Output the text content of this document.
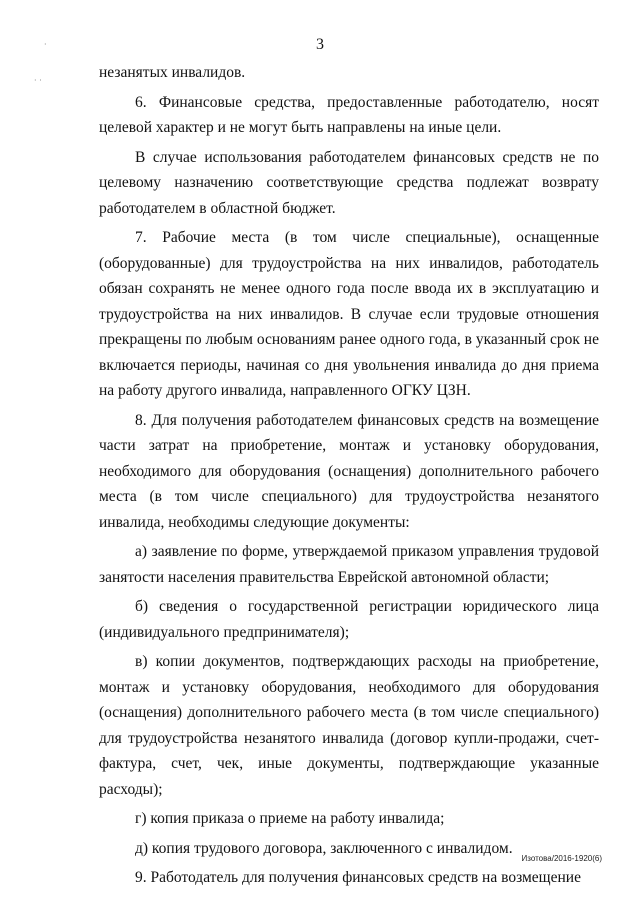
·
· ·
3

незанятых инвалидов.

6. Финансовые средства, предоставленные работодателю, носят целевой характер и не могут быть направлены на иные цели.

В случае использования работодателем финансовых средств не по целевому назначению соответствующие средства подлежат возврату работодателем в областной бюджет.

7. Рабочие места (в том числе специальные), оснащенные (оборудованные) для трудоустройства на них инвалидов, работодатель обязан сохранять не менее одного года после ввода их в эксплуатацию и трудоустройства на них инвалидов. В случае если трудовые отношения прекращены по любым основаниям ранее одного года, в указанный срок не включается периоды, начиная со дня увольнения инвалида до дня приема на работу другого инвалида, направленного ОГКУ ЦЗН.

8. Для получения работодателем финансовых средств на возмещение части затрат на приобретение, монтаж и установку оборудования, необходимого для оборудования (оснащения) дополнительного рабочего места (в том числе специального) для трудоустройства незанятого инвалида, необходимы следующие документы:

а) заявление по форме, утверждаемой приказом управления трудовой занятости населения правительства Еврейской автономной области;

б) сведения о государственной регистрации юридического лица (индивидуального предпринимателя);

в) копии документов, подтверждающих расходы на приобретение, монтаж и установку оборудования, необходимого для оборудования (оснащения) дополнительного рабочего места (в том числе специального) для трудоустройства незанятого инвалида (договор купли-продажи, счет-фактура, счет, чек, иные документы, подтверждающие указанные расходы);

г) копия приказа о приеме на работу инвалида;

д) копия трудового договора, заключенного с инвалидом.

9. Работодатель для получения финансовых средств на возмещение

Изотова/2016-1920(6)
